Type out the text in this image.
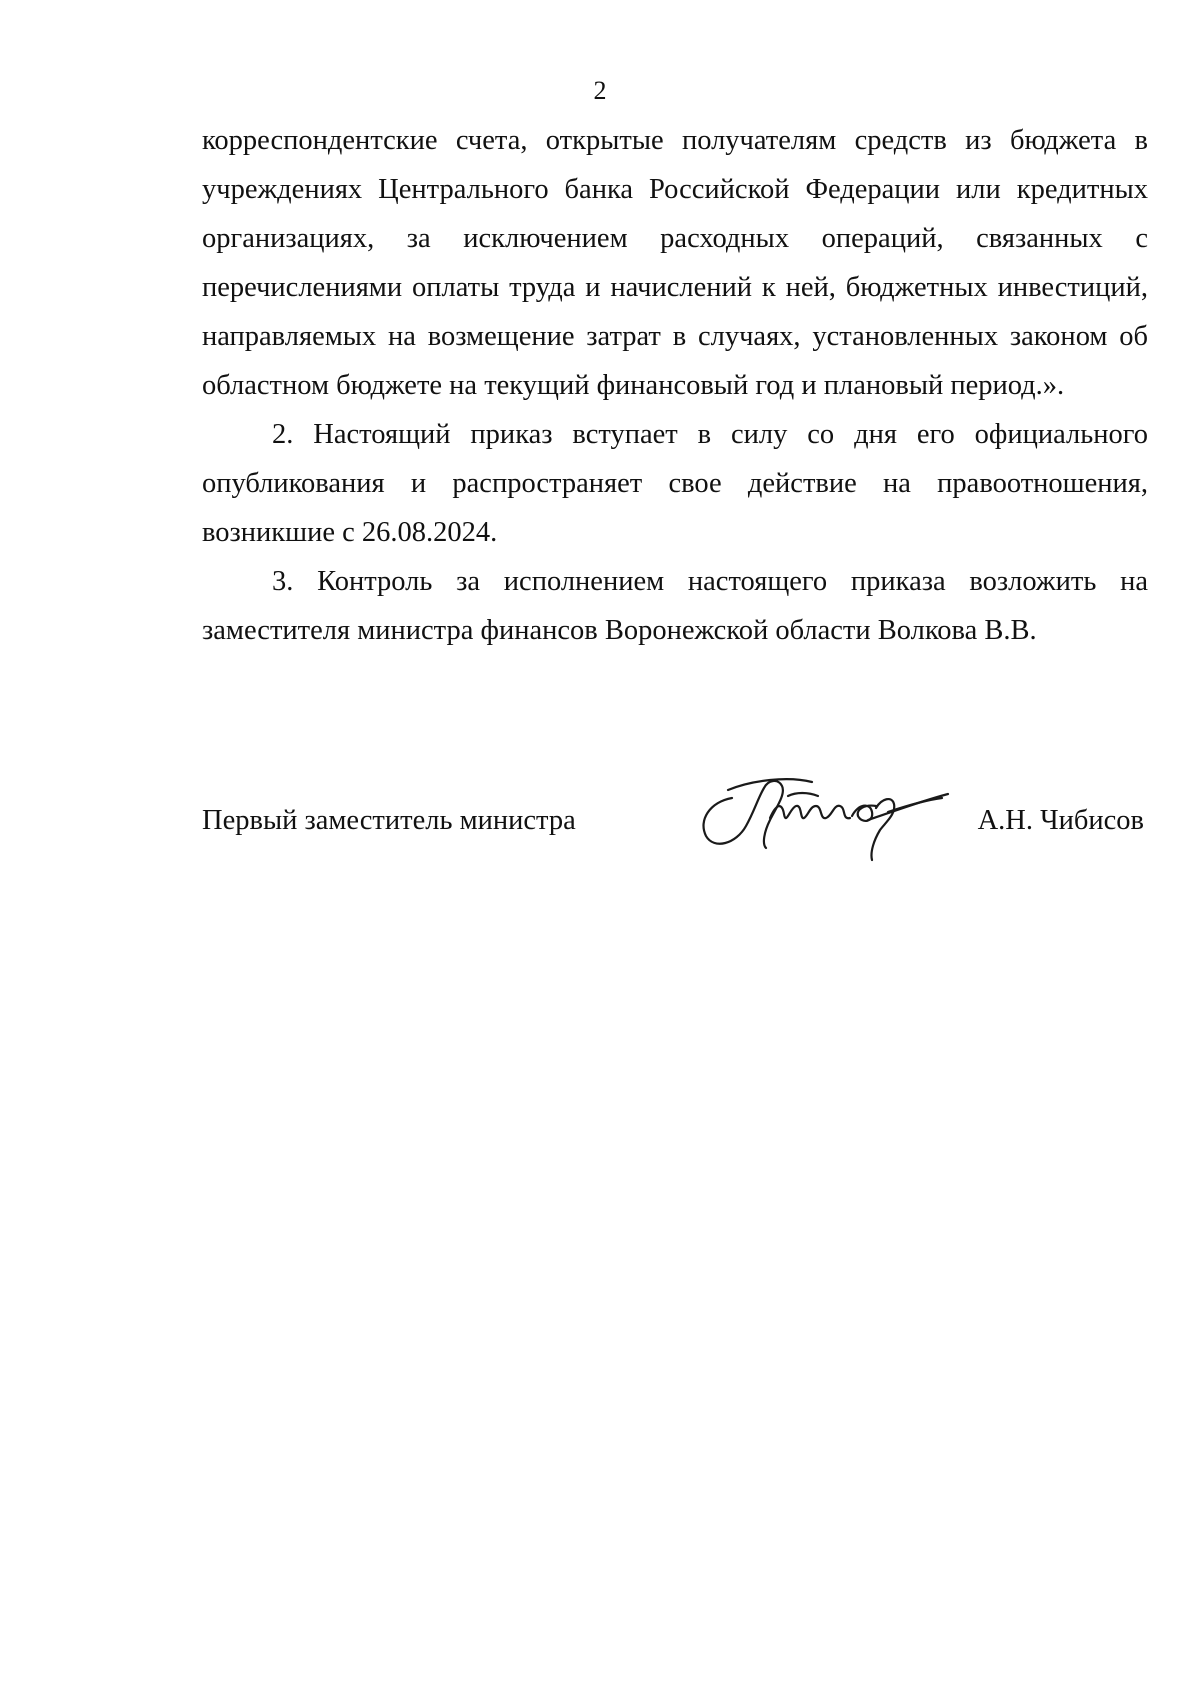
2

корреспондентские счета, открытые получателям средств из бюджета в учреждениях Центрального банка Российской Федерации или кредитных организациях, за исключением расходных операций, связанных с перечислениями оплаты труда и начислений к ней, бюджетных инвестиций, направляемых на возмещение затрат в случаях, установленных законом об областном бюджете на текущий финансовый год и плановый период.».

2. Настоящий приказ вступает в силу со дня его официального опубликования и распространяет свое действие на правоотношения, возникшие с 26.08.2024.

3. Контроль за исполнением настоящего приказа возложить на заместителя министра финансов Воронежской области Волкова В.В.

Первый заместитель министра	А.Н. Чибисов
